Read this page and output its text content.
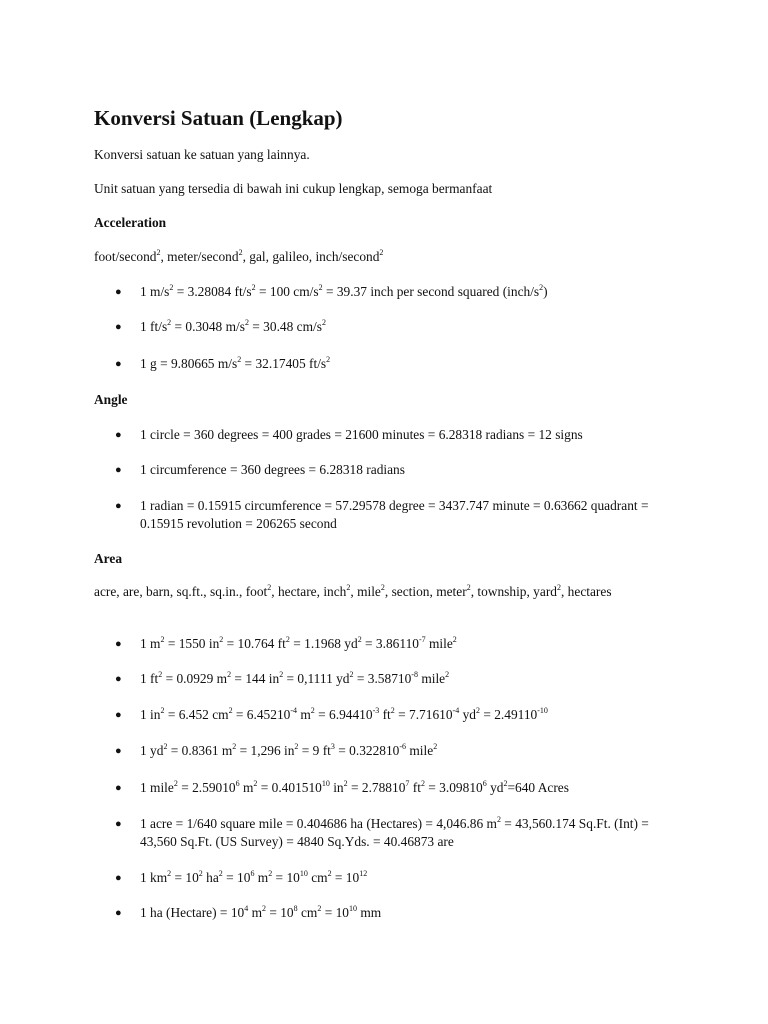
Konversi Satuan (Lengkap)
Konversi satuan ke satuan yang lainnya.
Unit satuan yang tersedia di bawah ini cukup lengkap, semoga bermanfaat
Acceleration
foot/second$^2$, meter/second$^2$, gal, galileo, inch/second$^2$
● 1 $m/s^2 = 3.28084$ $ft/s^2 = 100$ $cm/s^2 = 39.37$ inch per second squared $(inch/s^2)$
● 1 $ft/s^2 = 0.3048$ $m/s^2 = 30.48$ $cm/s^2$
● 1 g = 9.80665 $m/s^2 = 32.17405$ $ft/s^2$
Angle
● 1 circle = 360 degrees = 400 grades = 21600 minutes = 6.28318 radians = 12 signs
● 1 circumference = 360 degrees = 6.28318 radians
● 1 radian = 0.15915 circumference = 57.29578 degree = 3437.747 minute = 0.63662 quadrant = 0.15915 revolution = 206265 second
Area
acre, are, barn, sq.ft., sq.in., foot$^2$, hectare, inch$^2$, mile$^2$, section, meter$^2$, township, yard$^2$, hectares
● 1 $m^2 = 1550$ $in^2 = 10.764$ $ft^2 = 1.1968$ $yd^2 = 3.86110^{-7}$ mile$^2$
● 1 $ft^2 = 0.0929$ $m^2 = 144$ $in^2 = 0,1111$ $yd^2 = 3.58710^{-8}$ mile$^2$
● 1 $in^2 = 6.452$ $cm^2 = 6.45210^{-4}$ $m^2 = 6.94410^{-3}$ $ft^2 = 7.71610^{-4}$ $yd^2 = 2.49110^{-10}$
● 1 $yd^2 = 0.8361$ $m^2 = 1,296$ $in^2 = 9$ $ft^3 = 0.322810^{-6}$ mile$^2$
● 1 mile$^2$ = $2.59010^6$ $m^2 = 0.401510^{10}$ $in^2 = 2.78810^7$ $ft^2 = 3.09810^6$ $yd^2=640$ Acres
● 1 acre = 1/640 square mile = 0.404686 ha (Hectares) = 4,046.86 $m^2 = 43,560.174$ Sq.Ft. (Int) = 43,560 Sq.Ft. (US Survey) = 4840 Sq.Yds. = 40.46873 are
● 1 $km^2 = 10^2$ $ha^2 = 10^6$ $m^2 = 10^{10}$ $cm^2 = 10^{12}$
● 1 ha (Hectare) = $10^4$ $m^2 = 10^8$ $cm^2 = 10^{10}$ mm
